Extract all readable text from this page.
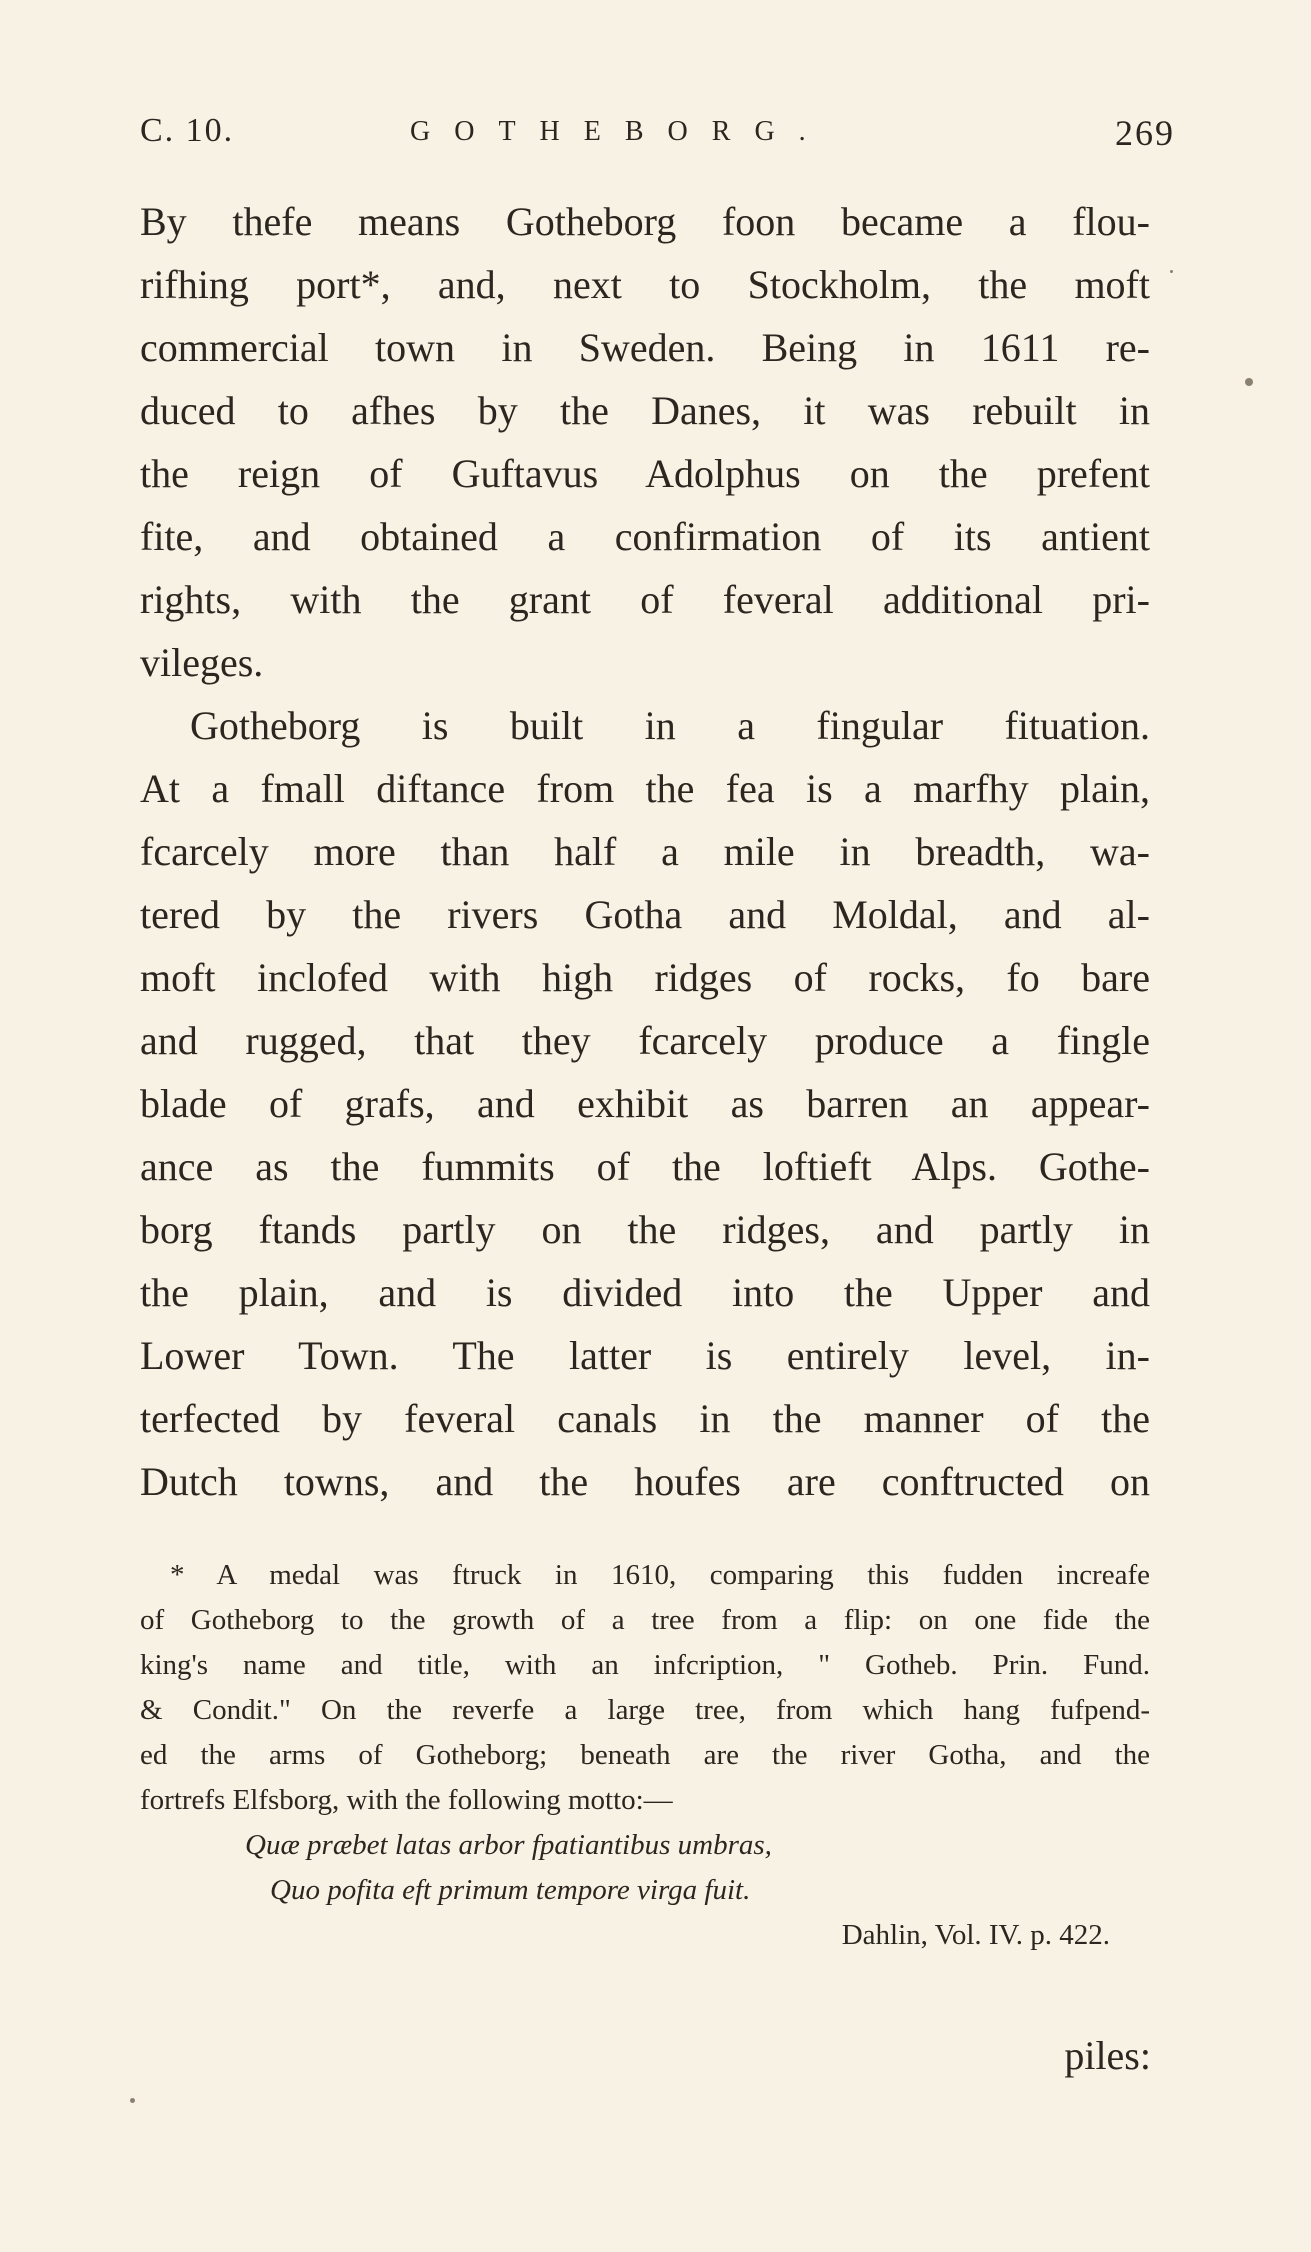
C. 10.	GOTHEBORG.	269
By thefe means Gotheborg foon became a flou-
rifhing port*, and, next to Stockholm, the moft
commercial town in Sweden. Being in 1611 re-
duced to afhes by the Danes, it was rebuilt in
the reign of Guftavus Adolphus on the prefent
fite, and obtained a confirmation of its antient
rights, with the grant of feveral additional pri-
vileges.
Gotheborg is built in a fingular fituation.
At a fmall diftance from the fea is a marfhy plain,
fcarcely more than half a mile in breadth, wa-
tered by the rivers Gotha and Moldal, and al-
moft inclofed with high ridges of rocks, fo bare
and rugged, that they fcarcely produce a fingle
blade of grafs, and exhibit as barren an appear-
ance as the fummits of the loftieft Alps. Gothe-
borg ftands partly on the ridges, and partly in
the plain, and is divided into the Upper and
Lower Town. The latter is entirely level, in-
terfected by feveral canals in the manner of the
Dutch towns, and the houfes are conftructed on
* A medal was ftruck in 1610, comparing this fudden increafe
of Gotheborg to the growth of a tree from a flip: on one fide the
king's name and title, with an infcription, " Gotheb. Prin. Fund.
& Condit." On the reverfe a large tree, from which hang fufpend-
ed the arms of Gotheborg; beneath are the river Gotha, and the
fortrefs Elfsborg, with the following motto:—
Quæ præbet latas arbor fpatiantibus umbras,
Quo pofita eft primum tempore virga fuit.
Dahlin, Vol. IV. p. 422.
piles:
